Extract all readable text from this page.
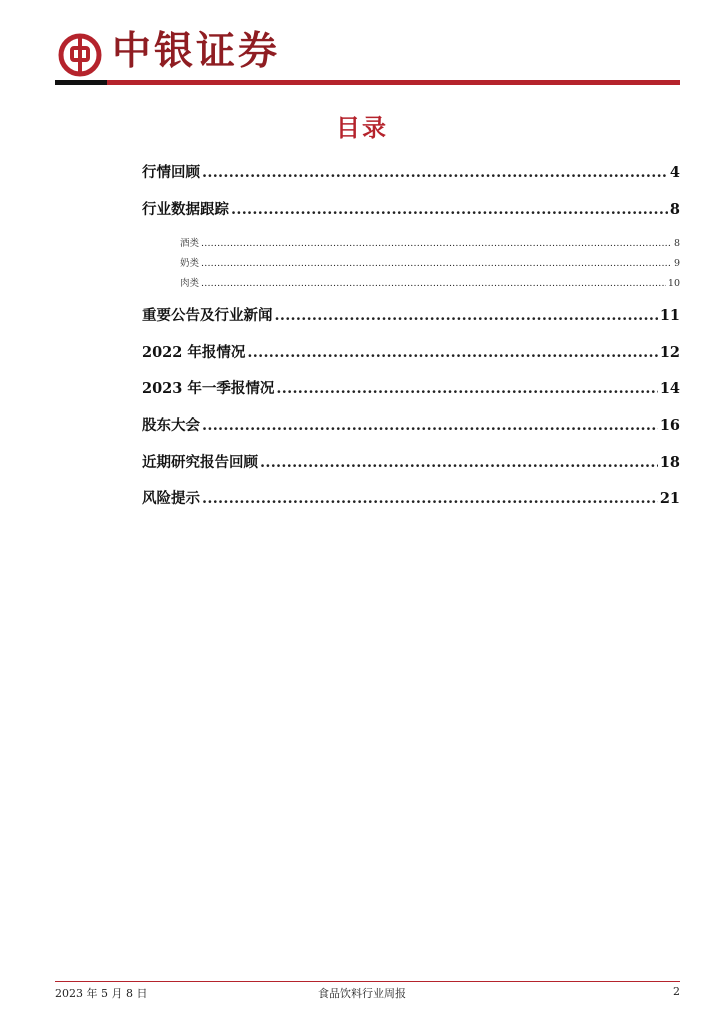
中银证券
目录
行情回顾 .....	4
行业数据跟踪 .....	8
酒类 .....	8
奶类 .....	9
肉类 .....	10
重要公告及行业新闻 .....	11
2022 年报情况 .....	12
2023 年一季报情况 .....	14
股东大会 .....	16
近期研究报告回顾 .....	18
风险提示 .....	21
2023 年 5 月 8 日	食品饮料行业周报	2
